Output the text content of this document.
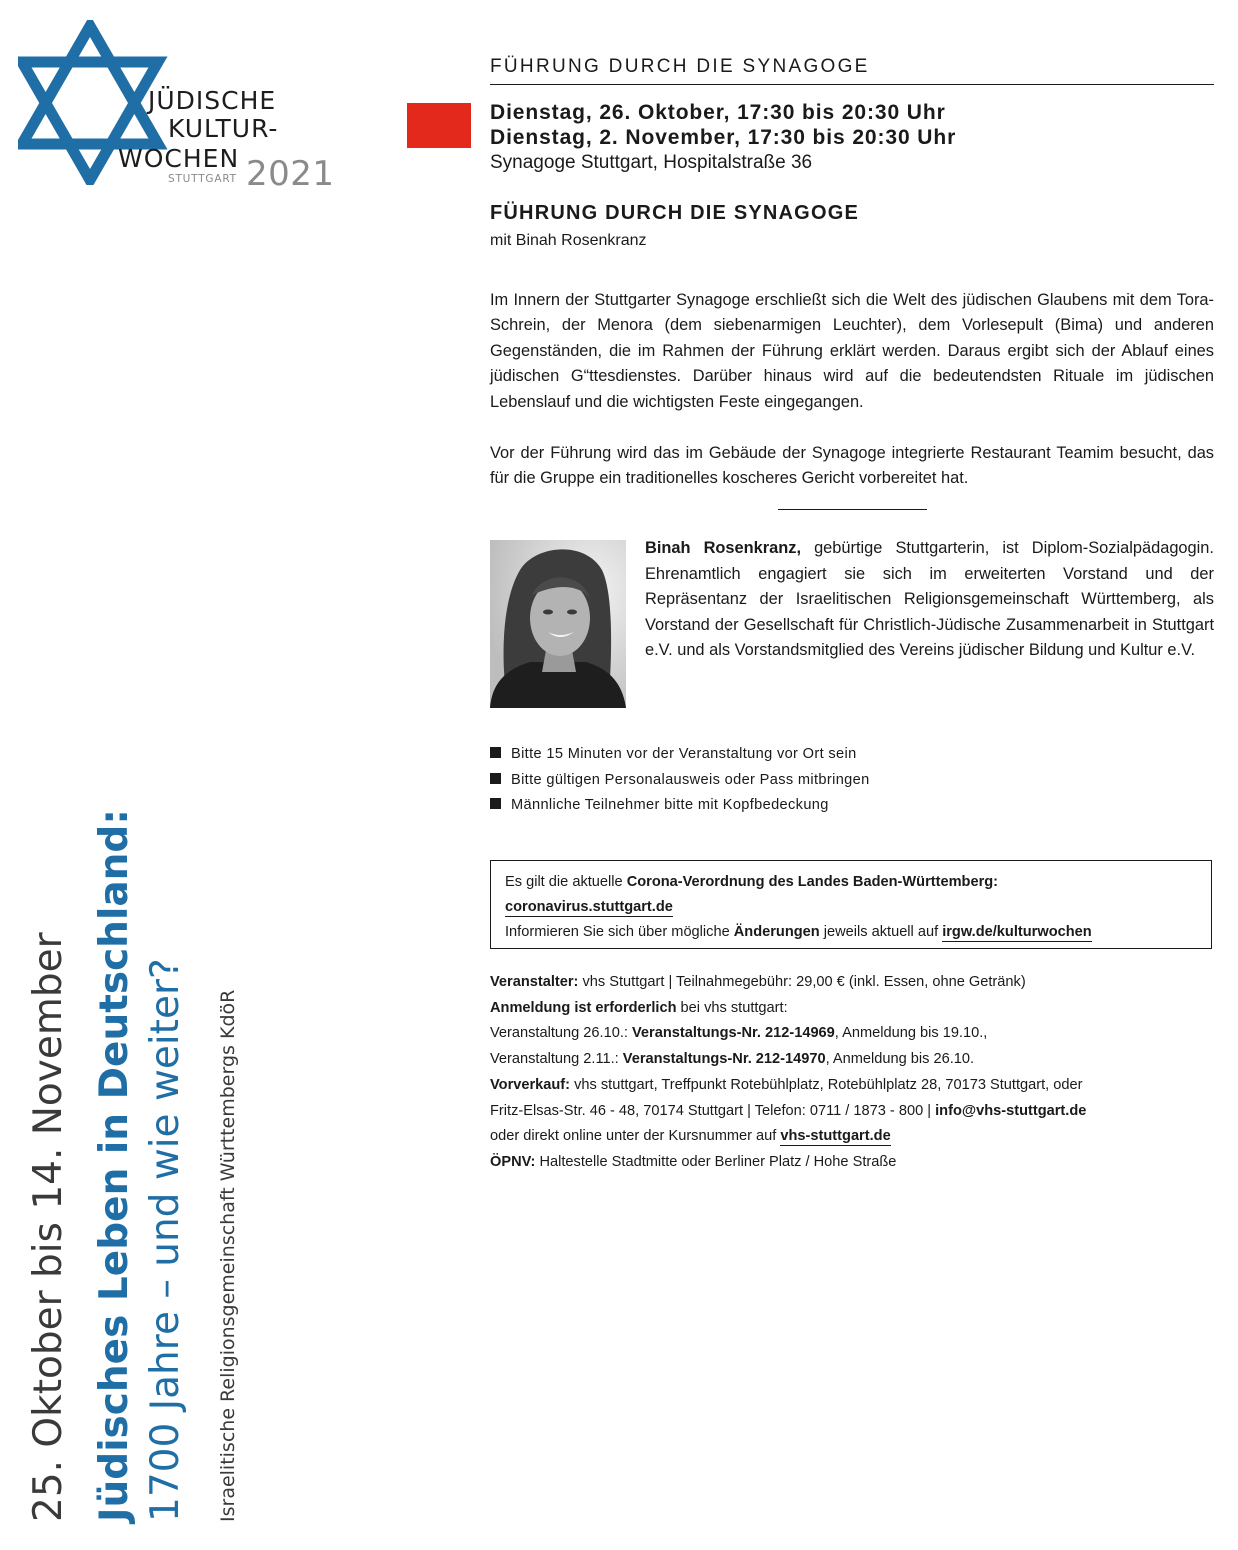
JÜDISCHE
KULTUR-
WOCHEN
STUTTGART 2021
25. Oktober bis 14. November Jüdisches Leben in Deutschland: 1700 Jahre – und wie weiter? Israelitische Religionsgemeinschaft Württembergs KdöR
FÜHRUNG DURCH DIE SYNAGOGE
Dienstag, 26. Oktober, 17:30 bis 20:30 Uhr
Dienstag, 2. November, 17:30 bis 20:30 Uhr
Synagoge Stuttgart, Hospitalstraße 36
FÜHRUNG DURCH DIE SYNAGOGE
mit Binah Rosenkranz
Im Innern der Stuttgarter Synagoge erschließt sich die Welt des jüdischen Glaubens mit dem Tora-Schrein, der Menora (dem siebenarmigen Leuchter), dem Vorlesepult (Bima) und anderen Gegenständen, die im Rahmen der Führung erklärt werden. Daraus ergibt sich der Ablauf eines jüdischen G“ttesdienstes. Darüber hinaus wird auf die bedeutendsten Rituale im jüdischen Lebenslauf und die wichtigsten Feste eingegangen.
Vor der Führung wird das im Gebäude der Synagoge integrierte Restaurant Teamim besucht, das für die Gruppe ein traditionelles koscheres Gericht vorbereitet hat.
Binah Rosenkranz, gebürtige Stuttgarterin, ist Diplom-Sozialpädagogin. Ehrenamtlich engagiert sie sich im erweiterten Vorstand und der Repräsentanz der Israelitischen Religionsgemeinschaft Württemberg, als Vorstand der Gesellschaft für Christlich-Jüdische Zusammenarbeit in Stuttgart e.V. und als Vorstandsmitglied des Vereins jüdischer Bildung und Kultur e.V.
Bitte 15 Minuten vor der Veranstaltung vor Ort sein
Bitte gültigen Personalausweis oder Pass mitbringen
Männliche Teilnehmer bitte mit Kopfbedeckung
Es gilt die aktuelle Corona-Verordnung des Landes Baden-Württemberg:
coronavirus.stuttgart.de
Informieren Sie sich über mögliche Änderungen jeweils aktuell auf irgw.de/kulturwochen
Veranstalter: vhs Stuttgart | Teilnahmegebühr: 29,00 € (inkl. Essen, ohne Getränk)
Anmeldung ist erforderlich bei vhs stuttgart:
Veranstaltung 26.10.: Veranstaltungs-Nr. 212-14969, Anmeldung bis 19.10.,
Veranstaltung 2.11.: Veranstaltungs-Nr. 212-14970, Anmeldung bis 26.10.
Vorverkauf: vhs stuttgart, Treffpunkt Rotebühlplatz, Rotebühlplatz 28, 70173 Stuttgart, oder
Fritz-Elsas-Str. 46 - 48, 70174 Stuttgart | Telefon: 0711 / 1873 - 800 | info@vhs-stuttgart.de
oder direkt online unter der Kursnummer auf vhs-stuttgart.de
ÖPNV: Haltestelle Stadtmitte oder Berliner Platz / Hohe Straße
